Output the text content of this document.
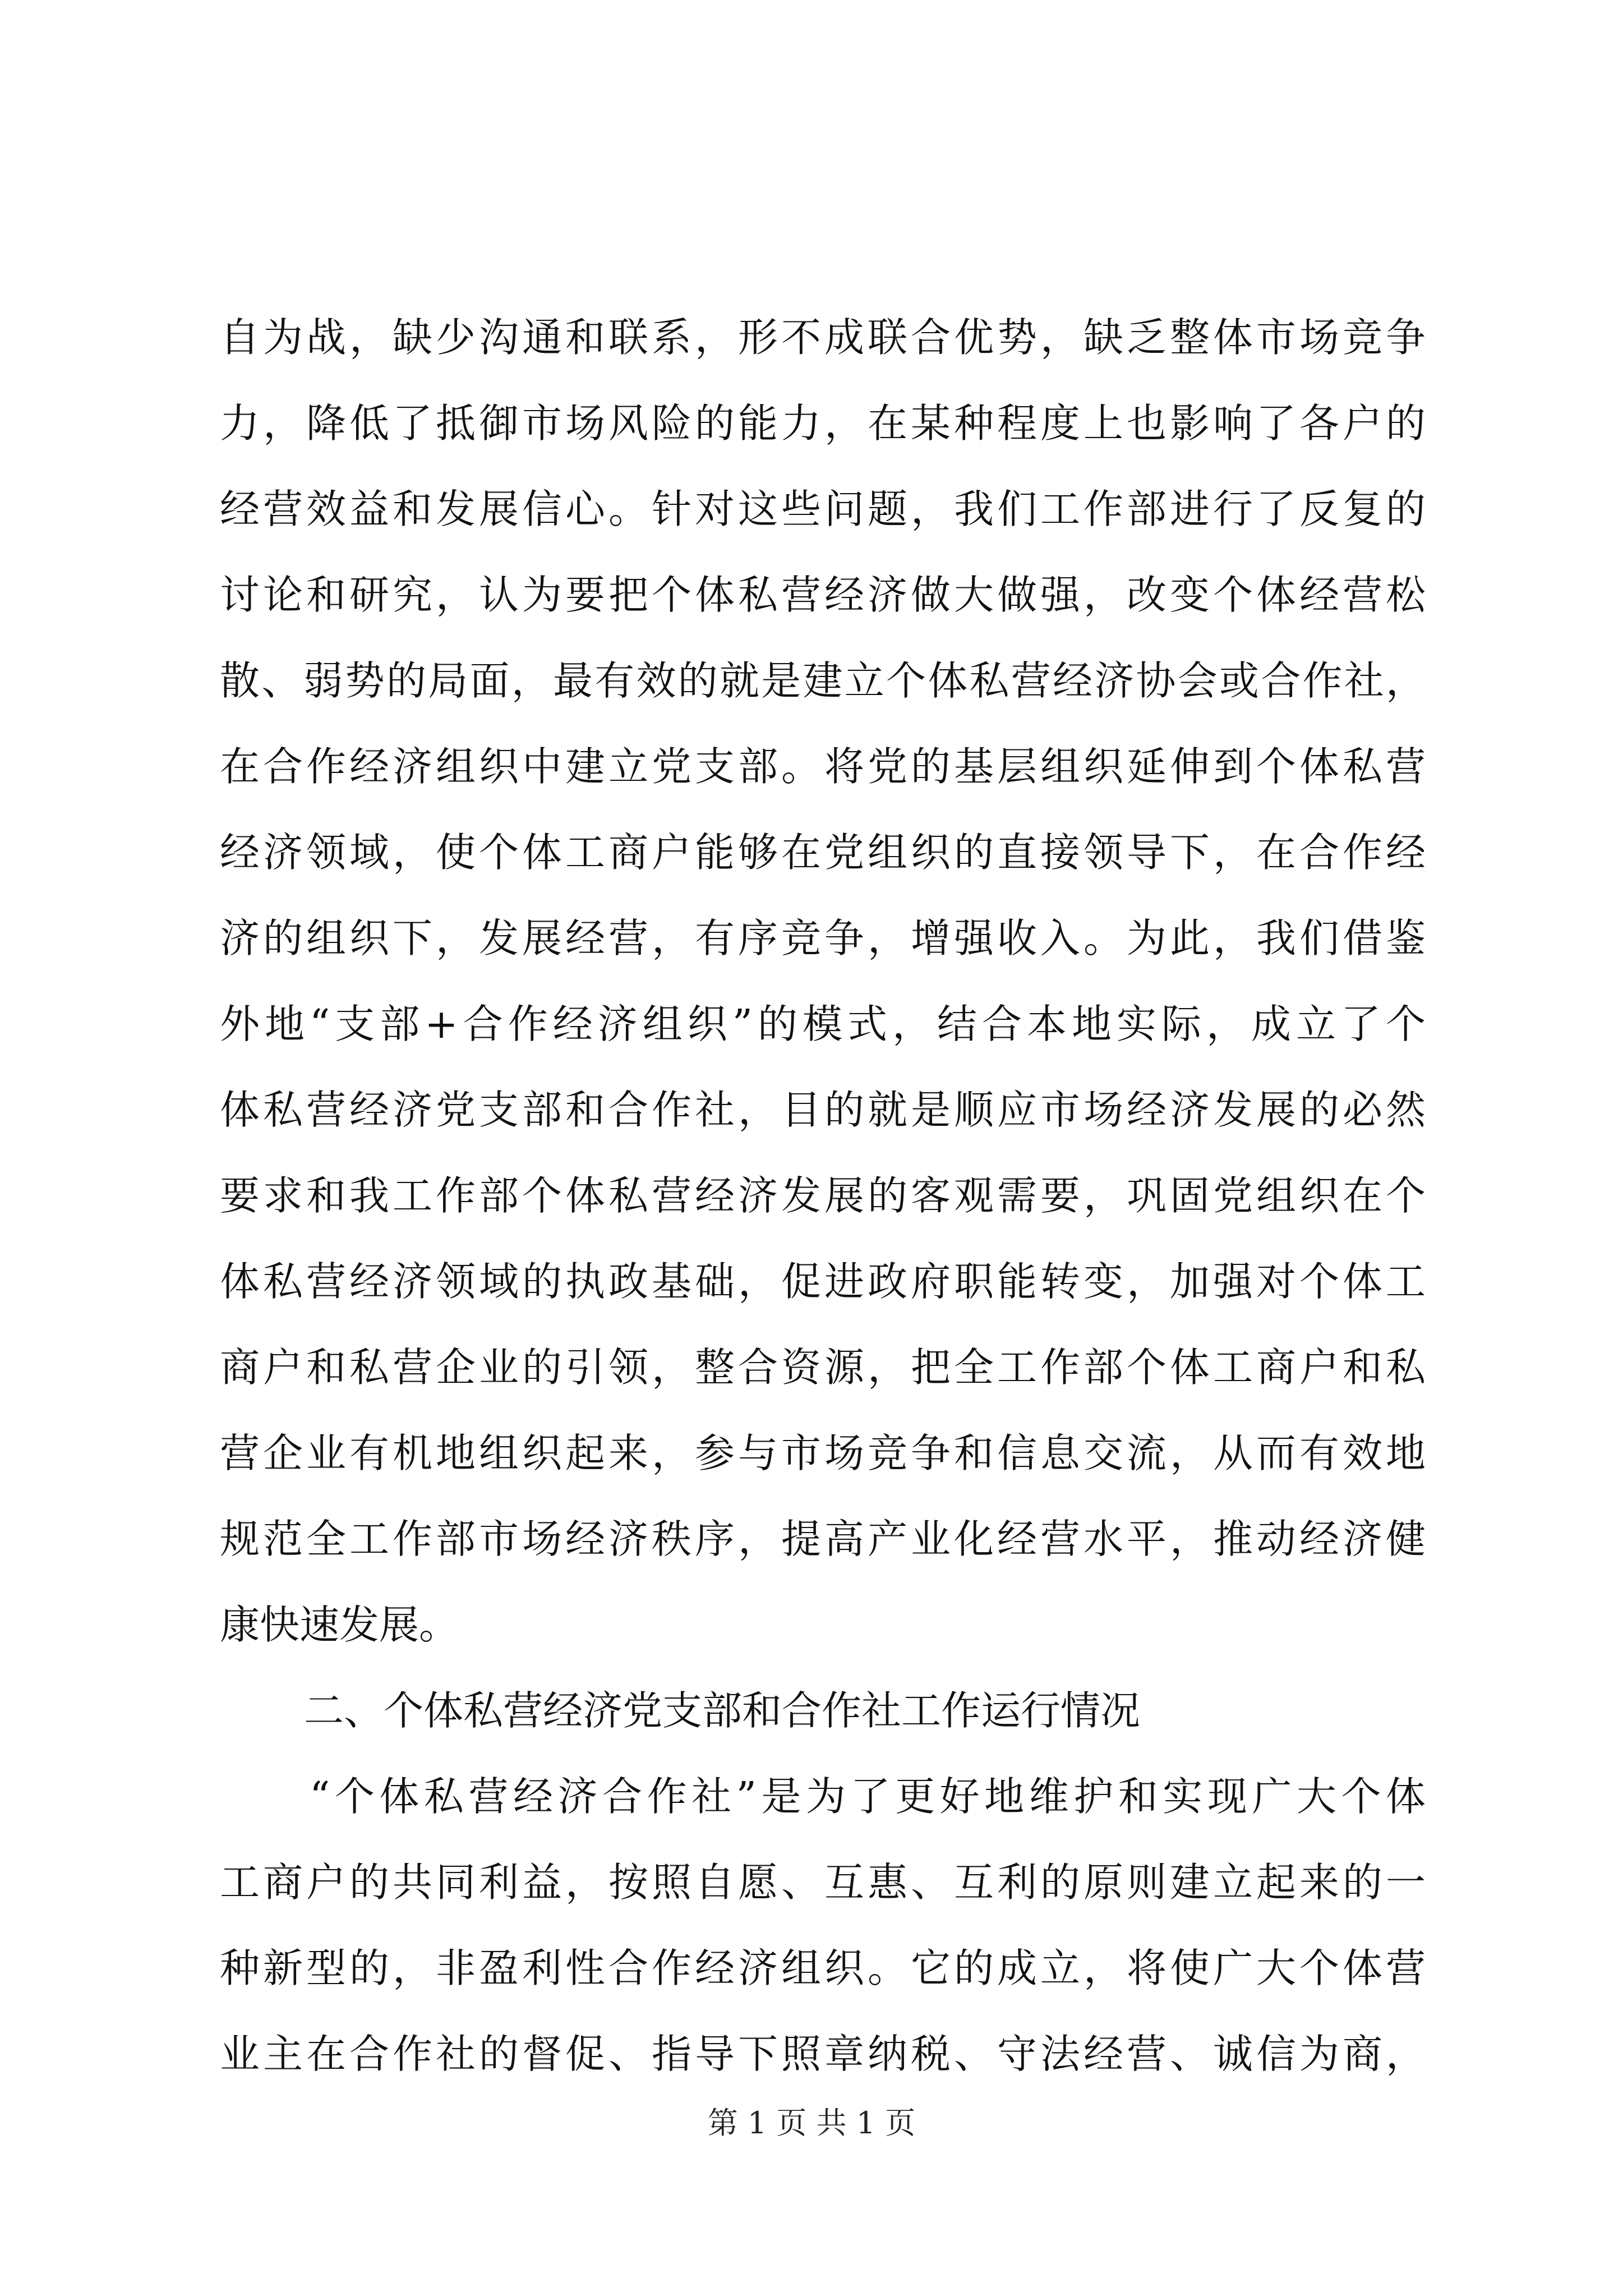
自为战，缺少沟通和联系，形不成联合优势，缺乏整体市场竞争
力，降低了抵御市场风险的能力，在某种程度上也影响了各户的
经营效益和发展信心。针对这些问题，我们工作部进行了反复的
讨论和研究，认为要把个体私营经济做大做强，改变个体经营松
散、弱势的局面，最有效的就是建立个体私营经济协会或合作社，
在合作经济组织中建立党支部。将党的基层组织延伸到个体私营
经济领域，使个体工商户能够在党组织的直接领导下，在合作经
济的组织下，发展经营，有序竞争，增强收入。为此，我们借鉴
外地“支部+合作经济组织”的模式，结合本地实际，成立了个
体私营经济党支部和合作社，目的就是顺应市场经济发展的必然
要求和我工作部个体私营经济发展的客观需要，巩固党组织在个
体私营经济领域的执政基础，促进政府职能转变，加强对个体工
商户和私营企业的引领，整合资源，把全工作部个体工商户和私
营企业有机地组织起来，参与市场竞争和信息交流，从而有效地
规范全工作部市场经济秩序，提高产业化经营水平，推动经济健
康快速发展。
二、个体私营经济党支部和合作社工作运行情况
“个体私营经济合作社”是为了更好地维护和实现广大个体
工商户的共同利益，按照自愿、互惠、互利的原则建立起来的一
种新型的，非盈利性合作经济组织。它的成立，将使广大个体营
业主在合作社的督促、指导下照章纳税、守法经营、诚信为商，
第 1 页 共 1 页
